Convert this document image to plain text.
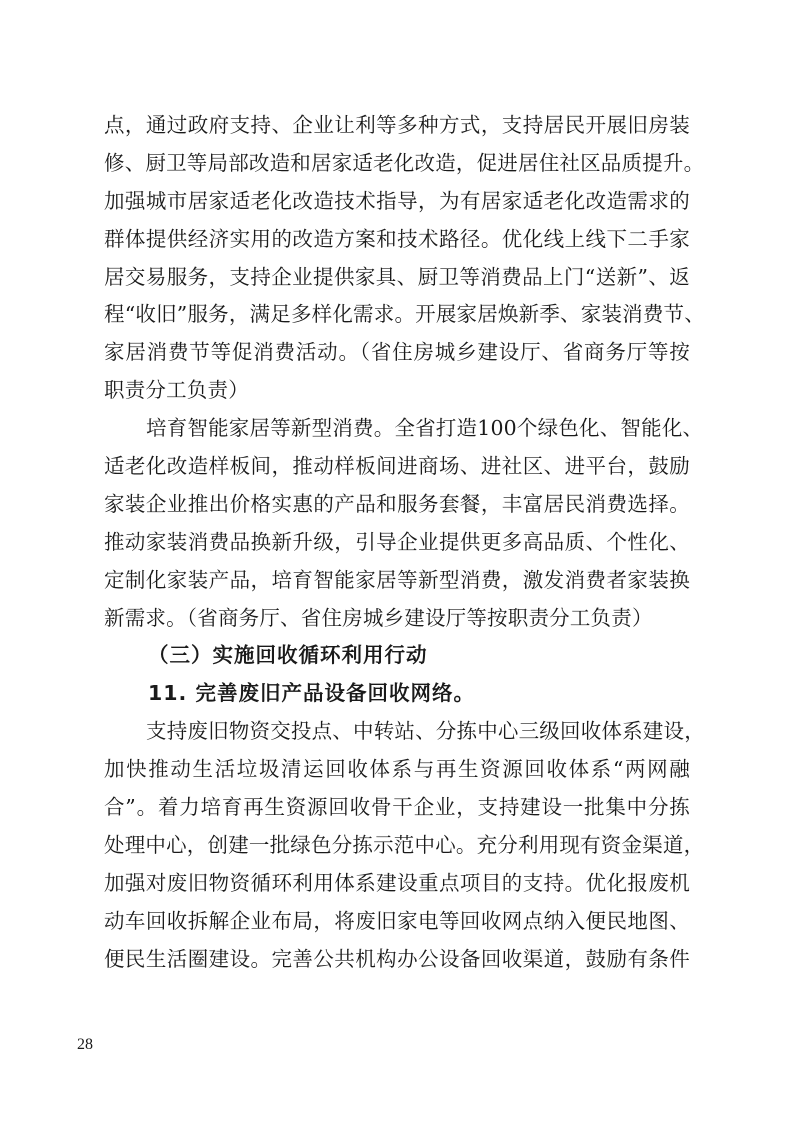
点，通过政府支持、企业让利等多种方式，支持居民开展旧房装
修、厨卫等局部改造和居家适老化改造，促进居住社区品质提升。
加强城市居家适老化改造技术指导，为有居家适老化改造需求的
群体提供经济实用的改造方案和技术路径。优化线上线下二手家
居交易服务，支持企业提供家具、厨卫等消费品上门“送新”、返
程“收旧”服务，满足多样化需求。开展家居焕新季、家装消费节、
家居消费节等促消费活动。（省住房城乡建设厅、省商务厅等按
职责分工负责）
培育智能家居等新型消费。全省打造100个绿色化、智能化、
适老化改造样板间，推动样板间进商场、进社区、进平台，鼓励
家装企业推出价格实惠的产品和服务套餐，丰富居民消费选择。
推动家装消费品换新升级，引导企业提供更多高品质、个性化、
定制化家装产品，培育智能家居等新型消费，激发消费者家装换
新需求。（省商务厅、省住房城乡建设厅等按职责分工负责）
（三）实施回收循环利用行动
11. 完善废旧产品设备回收网络。
支持废旧物资交投点、中转站、分拣中心三级回收体系建设，
加快推动生活垃圾清运回收体系与再生资源回收体系“两网融
合”。着力培育再生资源回收骨干企业，支持建设一批集中分拣
处理中心，创建一批绿色分拣示范中心。充分利用现有资金渠道，
加强对废旧物资循环利用体系建设重点项目的支持。优化报废机
动车回收拆解企业布局，将废旧家电等回收网点纳入便民地图、
便民生活圈建设。完善公共机构办公设备回收渠道，鼓励有条件
28
